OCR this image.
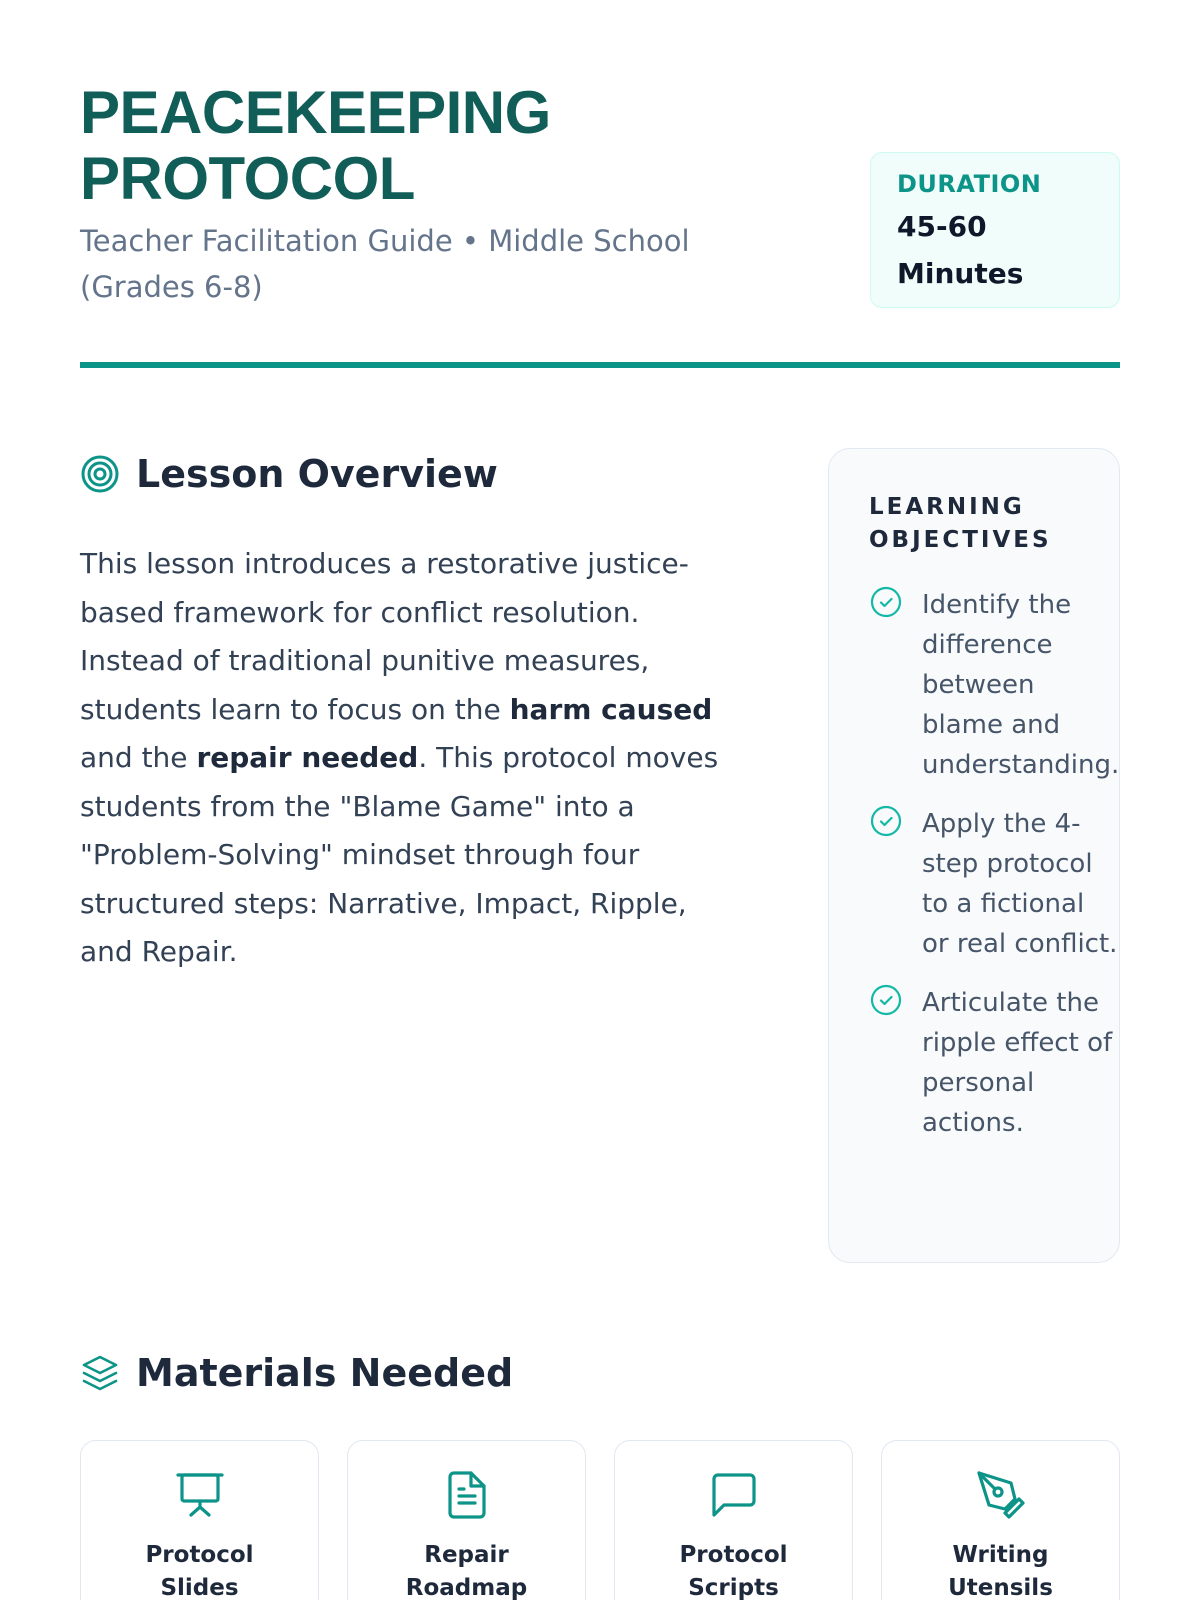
PEACEKEEPING
PROTOCOL
Teacher Facilitation Guide • Middle School (Grades 6-8)
DURATION
45-60 Minutes
Lesson Overview

This lesson introduces a restorative justice-based framework for conflict resolution. Instead of traditional punitive measures, students learn to focus on the harm caused and the repair needed. This protocol moves students from the "Blame Game" into a "Problem-Solving" mindset through four structured steps: Narrative, Impact, Ripple, and Repair.

LEARNING OBJECTIVES
Identify the difference between blame and understanding.
Apply the 4-step protocol to a fictional or real conflict.
Articulate the ripple effect of personal actions.
Materials Needed
Protocol Slides
Repair Roadmap
Protocol Scripts
Writing Utensils
